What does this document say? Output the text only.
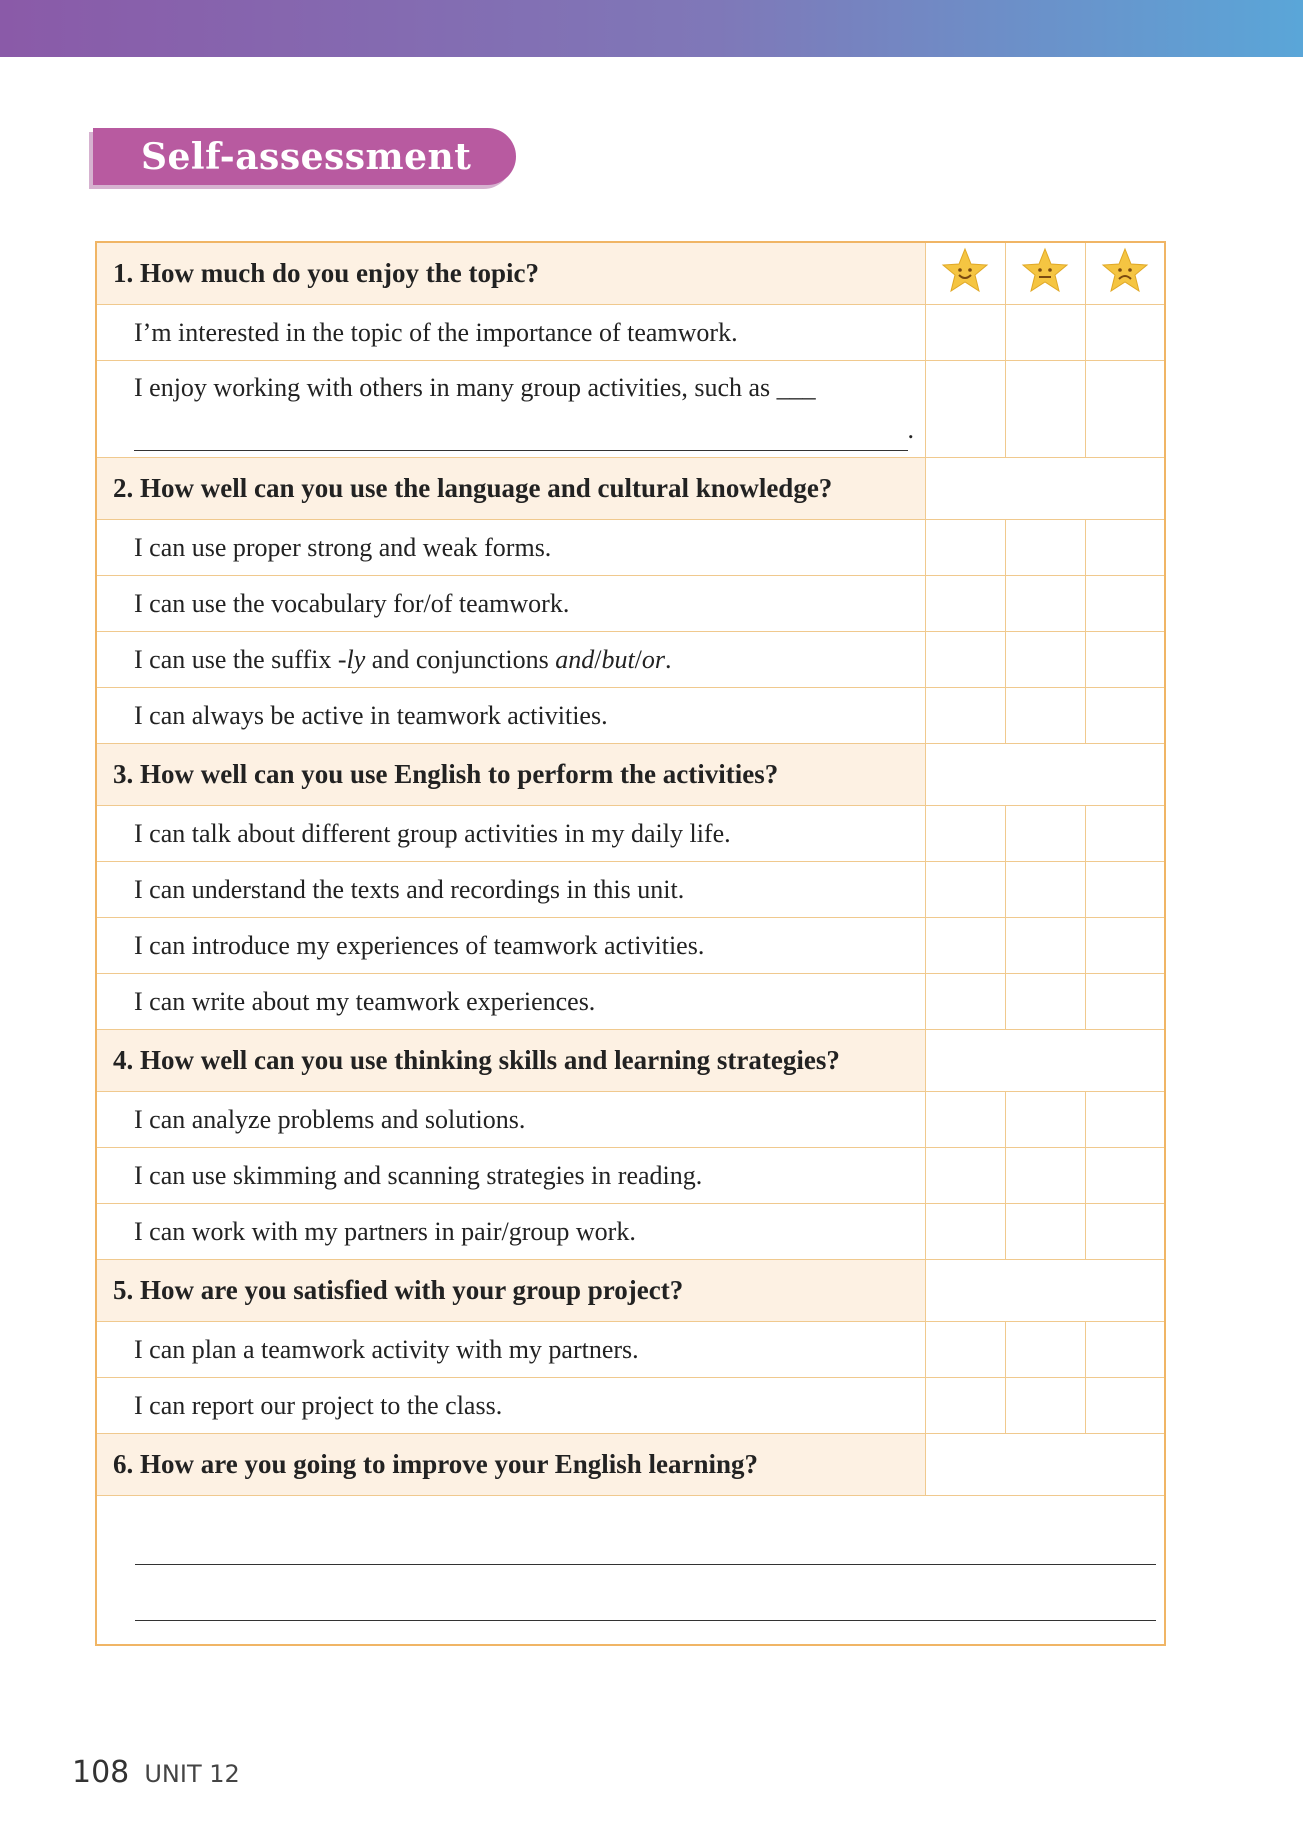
Self-assessment
1. How much do you enjoy the topic?			
I’m interested in the topic of the importance of teamwork.			
I enjoy working with others in many group activities, such as ___
.			

2. How well can you use the language and cultural knowledge?			
I can use proper strong and weak forms.			
I can use the vocabulary for/of teamwork.			
I can use the suffix -ly and conjunctions and/but/or.			
I can always be active in teamwork activities.			
3. How well can you use English to perform the activities?			
I can talk about different group activities in my daily life.			
I can understand the texts and recordings in this unit.			
I can introduce my experiences of teamwork activities.			
I can write about my teamwork experiences.			
4. How well can you use thinking skills and learning strategies?			
I can analyze problems and solutions.			
I can use skimming and scanning strategies in reading.			
I can work with my partners in pair/group work.			
5. How are you satisfied with your group project?			
I can plan a teamwork activity with my partners.			
I can report our project to the class.			
6. How are you going to improve your English learning?			

108 UNIT 12
